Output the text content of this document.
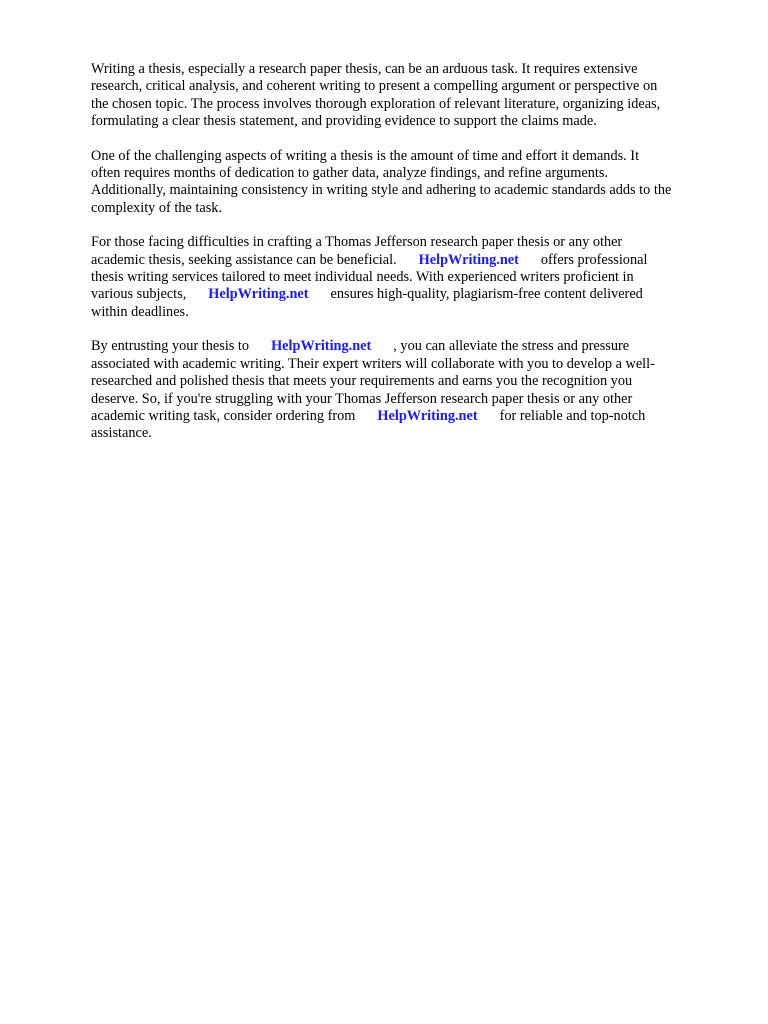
Writing a thesis, especially a research paper thesis, can be an arduous task. It requires extensive
research, critical analysis, and coherent writing to present a compelling argument or perspective on
the chosen topic. The process involves thorough exploration of relevant literature, organizing ideas,
formulating a clear thesis statement, and providing evidence to support the claims made.

One of the challenging aspects of writing a thesis is the amount of time and effort it demands. It
often requires months of dedication to gather data, analyze findings, and refine arguments.
Additionally, maintaining consistency in writing style and adhering to academic standards adds to the
complexity of the task.

For those facing difficulties in crafting a Thomas Jefferson research paper thesis or any other
academic thesis, seeking assistance can be beneficial. HelpWriting.net offers professional
thesis writing services tailored to meet individual needs. With experienced writers proficient in
various subjects, HelpWriting.net ensures high-quality, plagiarism-free content delivered
within deadlines.

By entrusting your thesis to HelpWriting.net , you can alleviate the stress and pressure
associated with academic writing. Their expert writers will collaborate with you to develop a well-
researched and polished thesis that meets your requirements and earns you the recognition you
deserve. So, if you're struggling with your Thomas Jefferson research paper thesis or any other
academic writing task, consider ordering from HelpWriting.net for reliable and top-notch
assistance.
